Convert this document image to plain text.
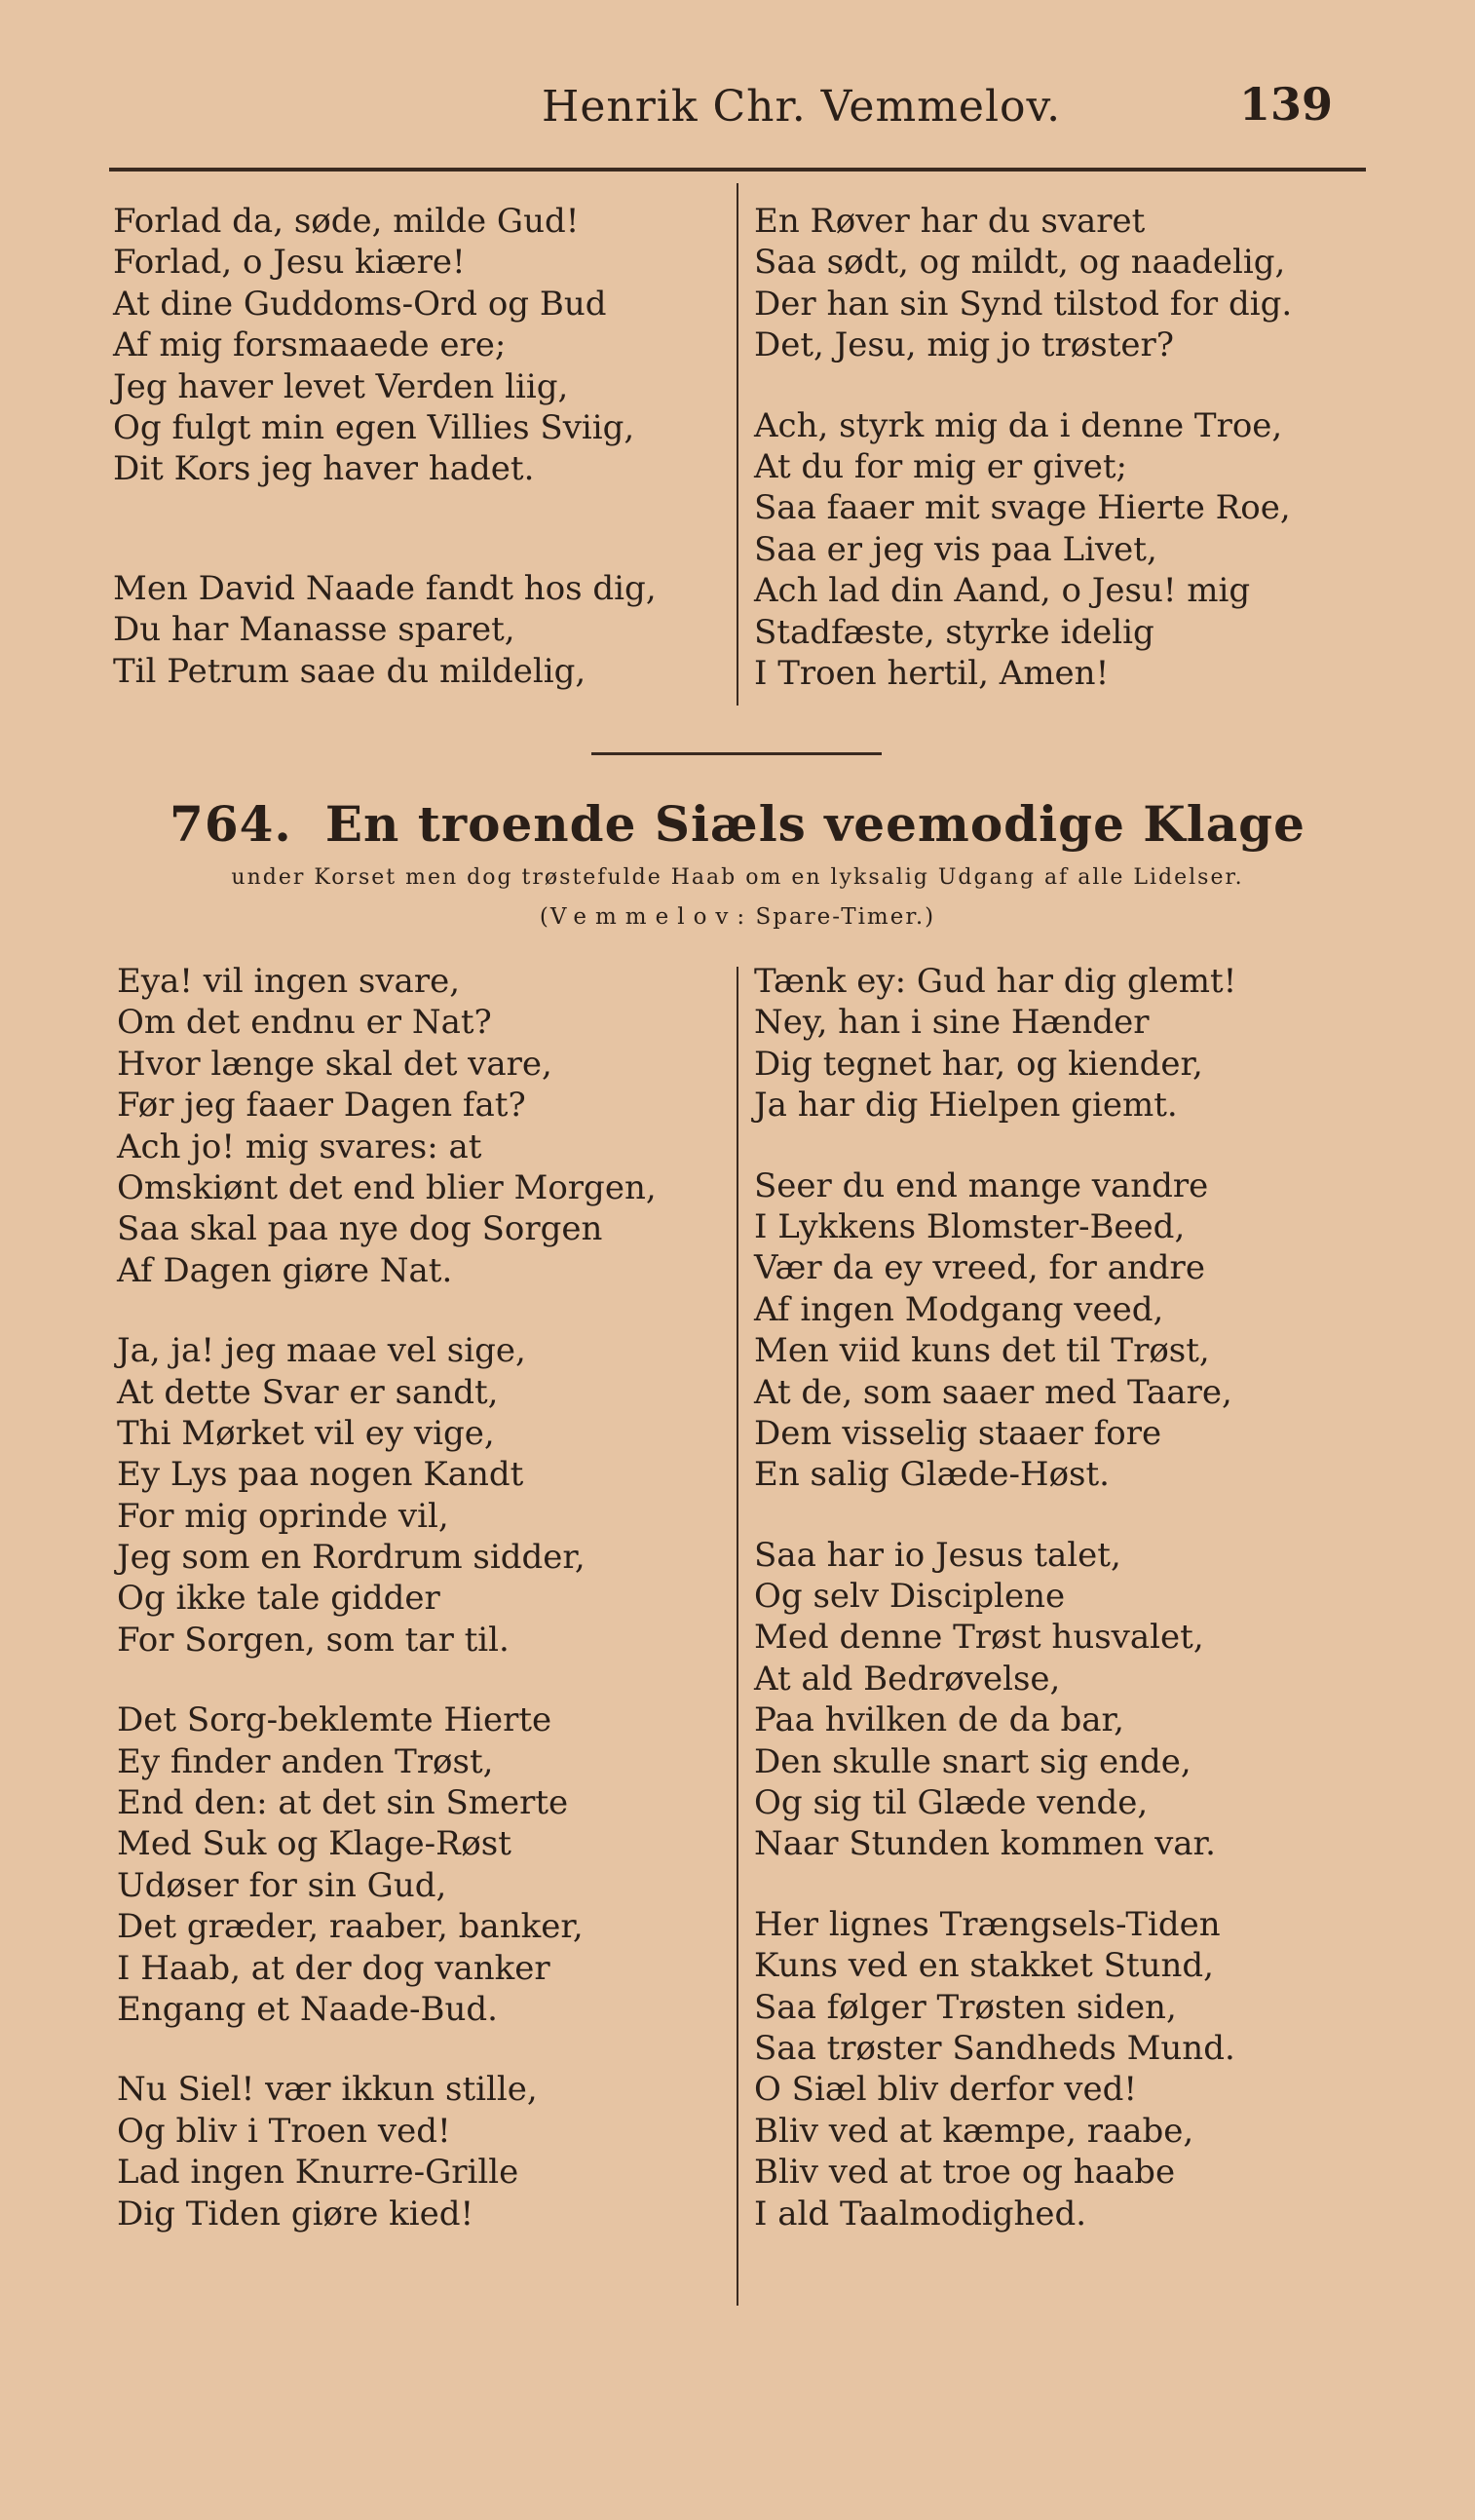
Henrik Chr. Vemmelov.	139
Forlad da, søde, milde Gud!
Forlad, o Jesu kiære!
At dine Guddoms-Ord og Bud
Af mig forsmaaede ere;
Jeg haver levet Verden liig,
Og fulgt min egen Villies Sviig,
Dit Kors jeg haver hadet.
Men David Naade fandt hos dig,
Du har Manasse sparet,
Til Petrum saae du mildelig,
En Røver har du svaret
Saa sødt, og mildt, og naadelig,
Der han sin Synd tilstod for dig.
Det, Jesu, mig jo trøster?
Ach, styrk mig da i denne Troe,
At du for mig er givet;
Saa faaer mit svage Hierte Roe,
Saa er jeg vis paa Livet,
Ach lad din Aand, o Jesu! mig
Stadfæste, styrke idelig
I Troen hertil, Amen!
764. En troende Siæls veemodige Klage
under Korset men dog trøstefulde Haab om en lyksalig Udgang af alle Lidelser.
(Vemmelov: Spare-Timer.)
Eya! vil ingen svare,
Om det endnu er Nat?
Hvor længe skal det vare,
Før jeg faaer Dagen fat?
Ach jo! mig svares: at
Omskiønt det end blier Morgen,
Saa skal paa nye dog Sorgen
Af Dagen giøre Nat.
Ja, ja! jeg maae vel sige,
At dette Svar er sandt,
Thi Mørket vil ey vige,
Ey Lys paa nogen Kandt
For mig oprinde vil,
Jeg som en Rordrum sidder,
Og ikke tale gidder
For Sorgen, som tar til.
Det Sorg-beklemte Hierte
Ey finder anden Trøst,
End den: at det sin Smerte
Med Suk og Klage-Røst
Udøser for sin Gud,
Det græder, raaber, banker,
I Haab, at der dog vanker
Engang et Naade-Bud.
Nu Siel! vær ikkun stille,
Og bliv i Troen ved!
Lad ingen Knurre-Grille
Dig Tiden giøre kied!
Tænk ey: Gud har dig glemt!
Ney, han i sine Hænder
Dig tegnet har, og kiender,
Ja har dig Hielpen giemt.
Seer du end mange vandre
I Lykkens Blomster-Beed,
Vær da ey vreed, for andre
Af ingen Modgang veed,
Men viid kuns det til Trøst,
At de, som saaer med Taare,
Dem visselig staaer fore
En salig Glæde-Høst.
Saa har io Jesus talet,
Og selv Disciplene
Med denne Trøst husvalet,
At ald Bedrøvelse,
Paa hvilken de da bar,
Den skulle snart sig ende,
Og sig til Glæde vende,
Naar Stunden kommen var.
Her lignes Trængsels-Tiden
Kuns ved en stakket Stund,
Saa følger Trøsten siden,
Saa trøster Sandheds Mund.
O Siæl bliv derfor ved!
Bliv ved at kæmpe, raabe,
Bliv ved at troe og haabe
I ald Taalmodighed.
